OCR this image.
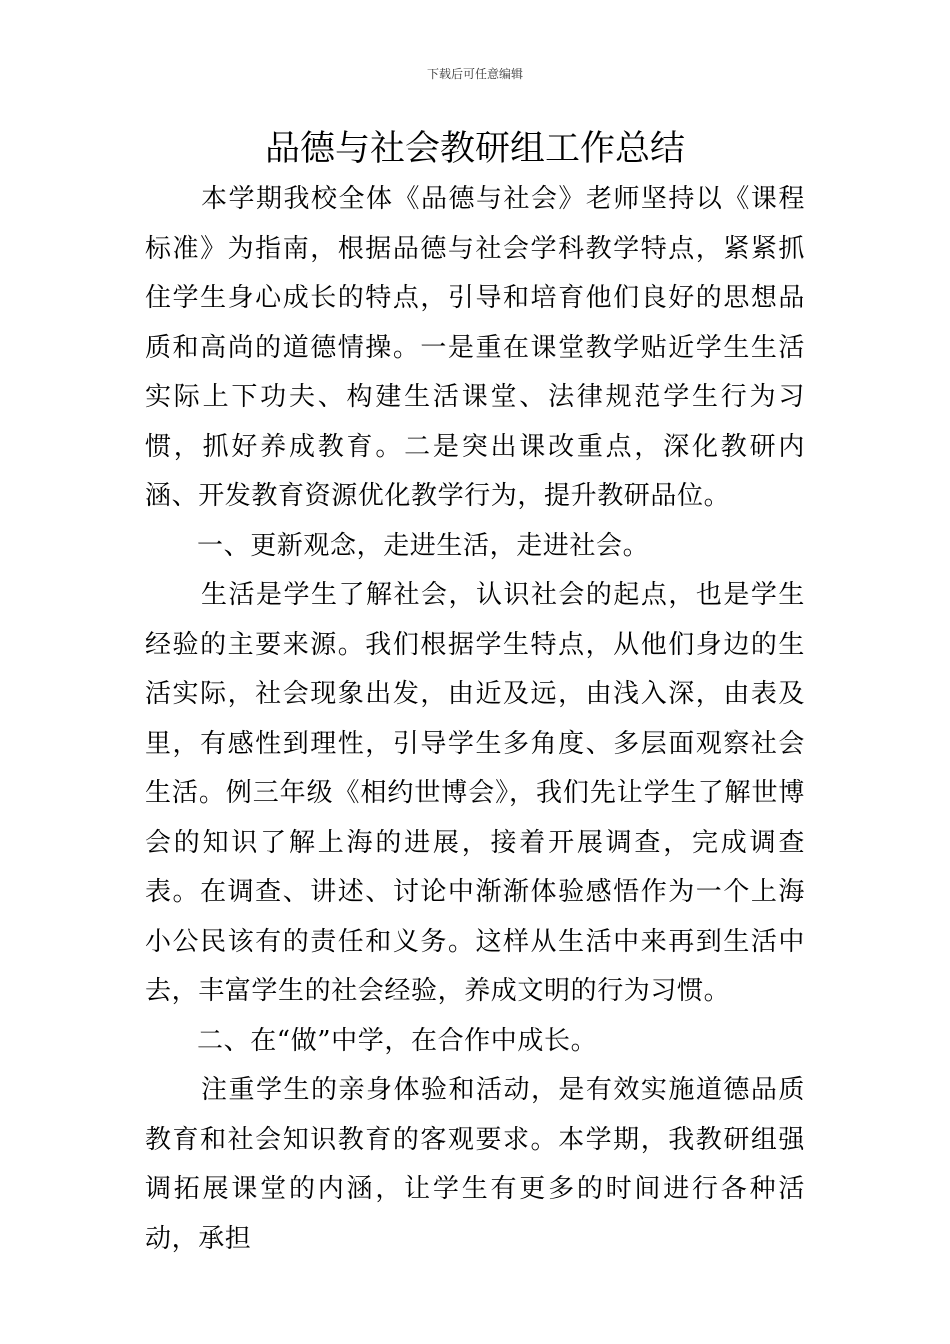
下载后可任意编辑
品德与社会教研组工作总结

本学期我校全体《品德与社会》老师坚持以《课程标准》为指南，根据品德与社会学科教学特点，紧紧抓住学生身心成长的特点，引导和培育他们良好的思想品质和高尚的道德情操。一是重在课堂教学贴近学生生活实际上下功夫、构建生活课堂、法律规范学生行为习惯，抓好养成教育。二是突出课改重点，深化教研内涵、开发教育资源优化教学行为，提升教研品位。

一、更新观念，走进生活，走进社会。

生活是学生了解社会，认识社会的起点，也是学生经验的主要来源。我们根据学生特点，从他们身边的生活实际，社会现象出发，由近及远，由浅入深，由表及里，有感性到理性，引导学生多角度、多层面观察社会生活。例三年级《相约世博会》，我们先让学生了解世博会的知识了解上海的进展，接着开展调查，完成调查表。在调查、讲述、讨论中渐渐体验感悟作为一个上海小公民该有的责任和义务。这样从生活中来再到生活中去，丰富学生的社会经验，养成文明的行为习惯。

二、在“做”中学，在合作中成长。

注重学生的亲身体验和活动，是有效实施道德品质教育和社会知识教育的客观要求。本学期，我教研组强调拓展课堂的内涵，让学生有更多的时间进行各种活动，承担
